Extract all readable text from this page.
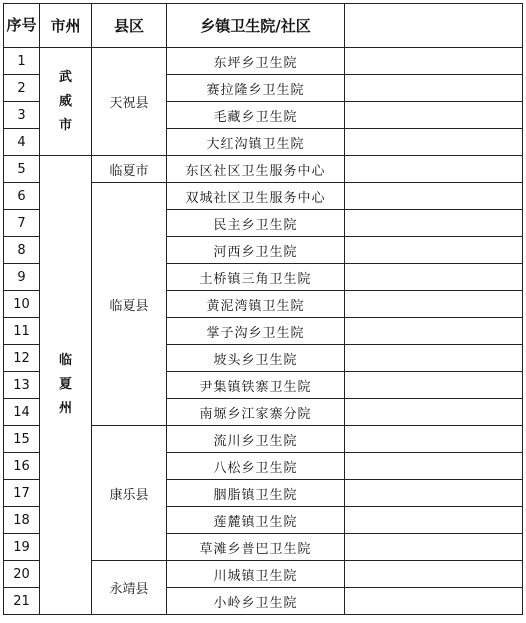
序号	市州	县区	乡镇卫生院/社区	
1	武威市	天祝县	东坪乡卫生院	
2			赛拉隆乡卫生院	
3			毛藏乡卫生院	
4			大红沟镇卫生院	
5	临夏州	临夏市	东区社区卫生服务中心	
6		临夏县	双城社区卫生服务中心	
7			民主乡卫生院	
8			河西乡卫生院	
9			土桥镇三角卫生院	
10			黄泥湾镇卫生院	
11			掌子沟乡卫生院	
12			坡头乡卫生院	
13			尹集镇铁寨卫生院	
14			南塬乡江家寨分院	
15		康乐县	流川乡卫生院	
16			八松乡卫生院	
17			胭脂镇卫生院	
18			莲麓镇卫生院	
19			草滩乡普巴卫生院	
20		永靖县	川城镇卫生院	
21			小岭乡卫生院	
